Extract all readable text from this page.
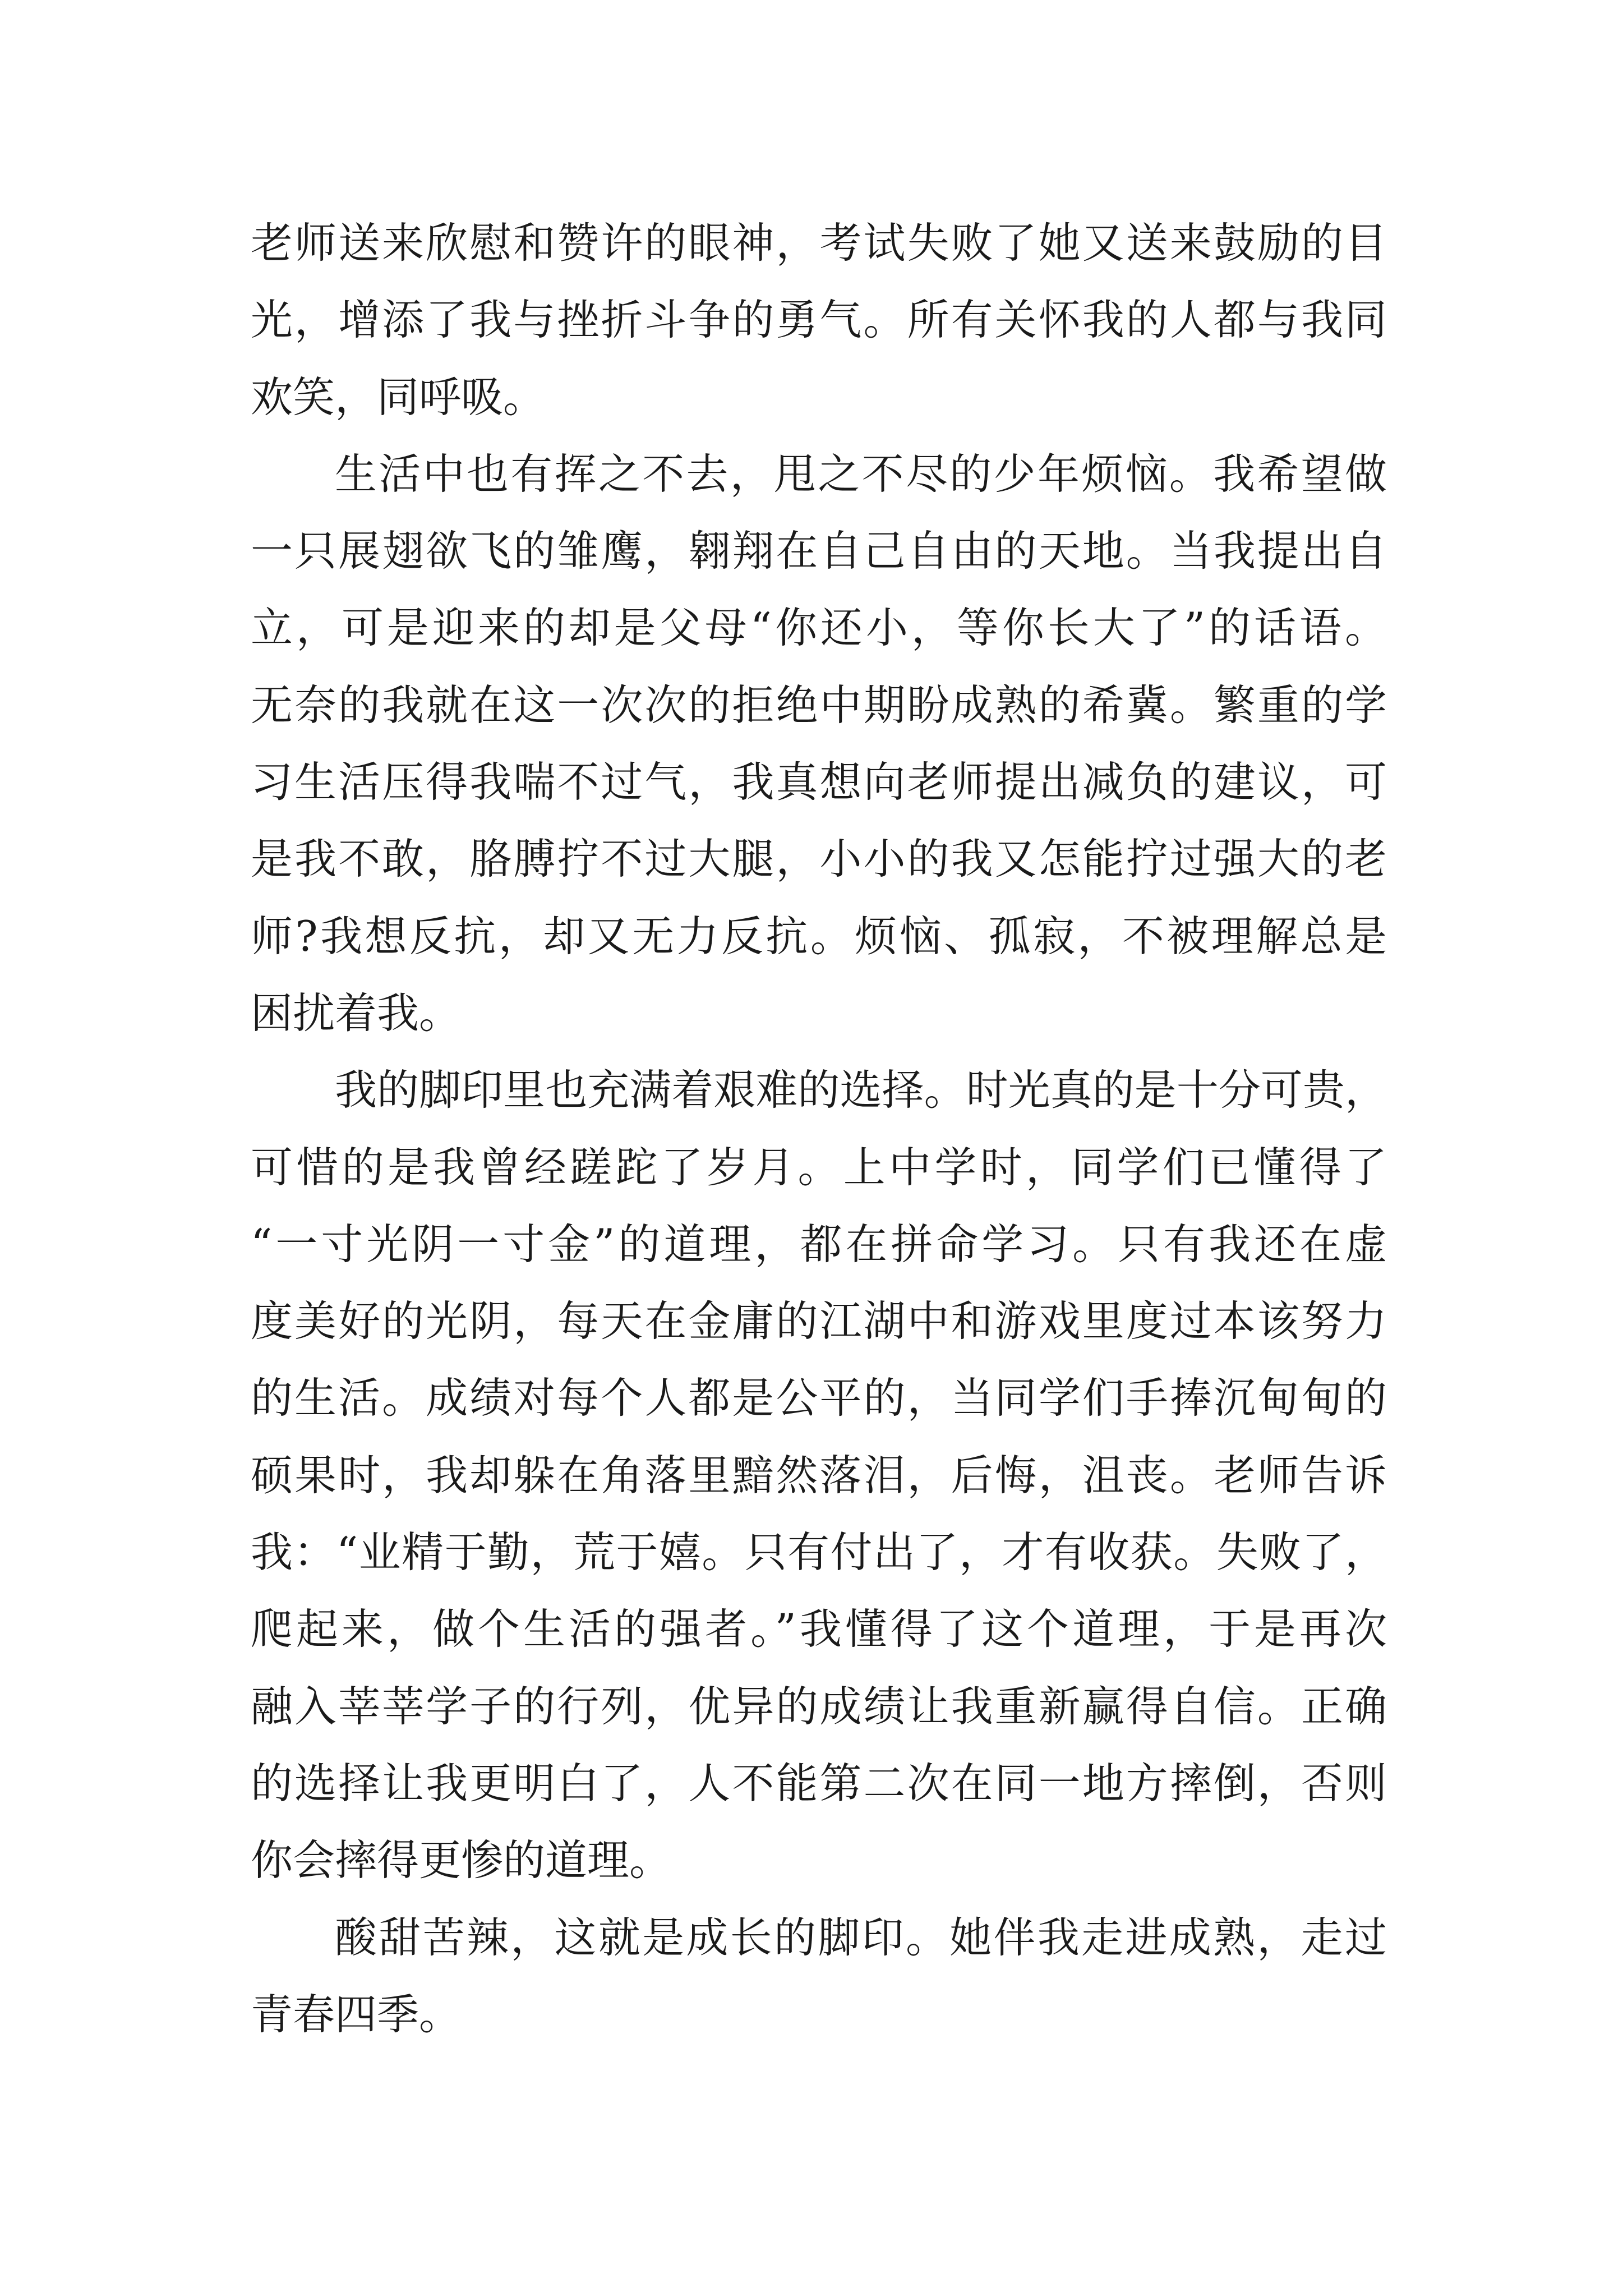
老师送来欣慰和赞许的眼神，考试失败了她又送来鼓励的目
光，增添了我与挫折斗争的勇气。所有关怀我的人都与我同
欢笑，同呼吸。
生活中也有挥之不去，甩之不尽的少年烦恼。我希望做
一只展翅欲飞的雏鹰，翱翔在自己自由的天地。当我提出自
立，可是迎来的却是父母“你还小，等你长大了”的话语。
无奈的我就在这一次次的拒绝中期盼成熟的希冀。繁重的学
习生活压得我喘不过气，我真想向老师提出减负的建议，可
是我不敢，胳膊拧不过大腿，小小的我又怎能拧过强大的老
师?我想反抗，却又无力反抗。烦恼、孤寂，不被理解总是
困扰着我。
我的脚印里也充满着艰难的选择。时光真的是十分可贵，
可惜的是我曾经蹉跎了岁月。上中学时，同学们已懂得了
“一寸光阴一寸金”的道理，都在拼命学习。只有我还在虚
度美好的光阴，每天在金庸的江湖中和游戏里度过本该努力
的生活。成绩对每个人都是公平的，当同学们手捧沉甸甸的
硕果时，我却躲在角落里黯然落泪，后悔，沮丧。老师告诉
我：“业精于勤，荒于嬉。只有付出了，才有收获。失败了，
爬起来，做个生活的强者。”我懂得了这个道理，于是再次
融入莘莘学子的行列，优异的成绩让我重新赢得自信。正确
的选择让我更明白了，人不能第二次在同一地方摔倒，否则
你会摔得更惨的道理。
酸甜苦辣，这就是成长的脚印。她伴我走进成熟，走过
青春四季。
